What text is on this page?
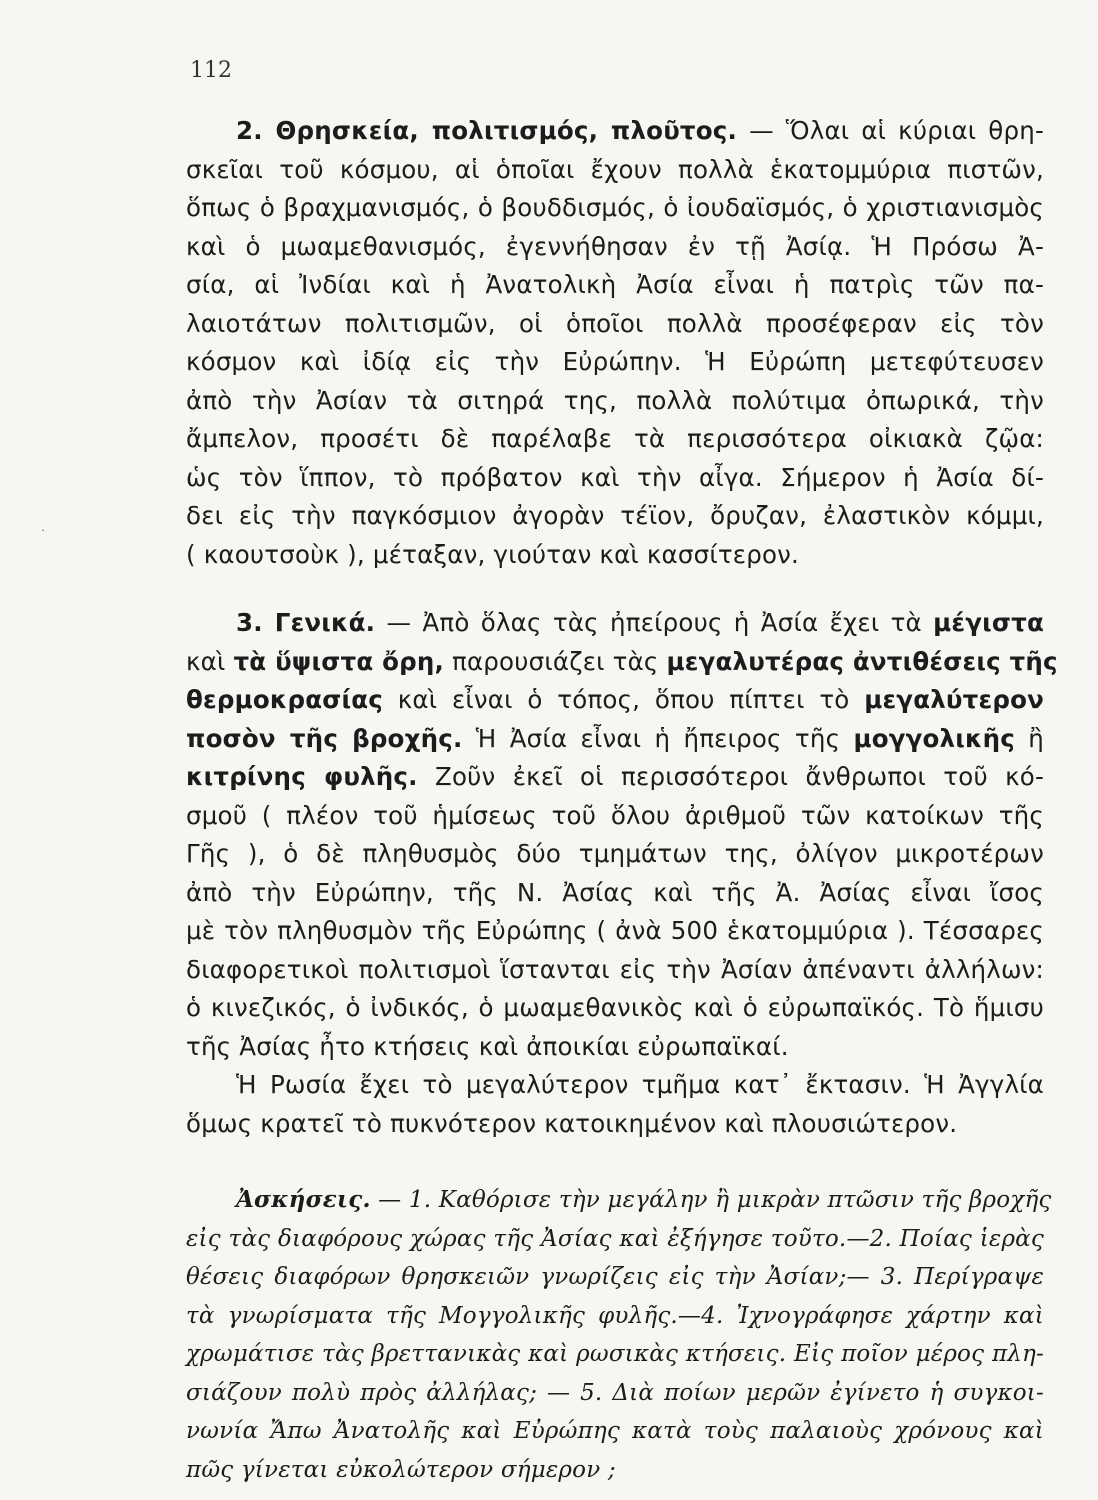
112
˙
2. Θρησκεία, πολιτισμός, πλοῦτος. — Ὅλαι αἱ κύριαι θρη-
σκεῖαι τοῦ κόσμου, αἱ ὁποῖαι ἔχουν πολλὰ ἑκατομμύρια πιστῶν,
ὅπως ὁ βραχμανισμός, ὁ βουδδισμός, ὁ ἰουδαϊσμός, ὁ χριστιανισμὸς
καὶ ὁ μωαμεθανισμός, ἐγεννήθησαν ἐν τῇ Ἀσίᾳ. Ἡ Πρόσω Ἀ-
σία, αἱ Ἰνδίαι καὶ ἡ Ἀνατολικὴ Ἀσία εἶναι ἡ πατρὶς τῶν πα-
λαιοτάτων πολιτισμῶν, οἱ ὁποῖοι πολλὰ προσέφεραν εἰς τὸν
κόσμον καὶ ἰδίᾳ εἰς τὴν Εὐρώπην. Ἡ Εὐρώπη μετεφύτευσεν
ἀπὸ τὴν Ἀσίαν τὰ σιτηρά της, πολλὰ πολύτιμα ὀπωρικά, τὴν
ἄμπελον, προσέτι δὲ παρέλαβε τὰ περισσότερα οἰκιακὰ ζῷα:
ὡς τὸν ἵππον, τὸ πρόβατον καὶ τὴν αἶγα. Σήμερον ἡ Ἀσία δί-
δει εἰς τὴν παγκόσμιον ἀγορὰν τέϊον, ὄρυζαν, ἐλαστικὸν κόμμι,
( καουτσοὺκ ), μέταξαν, γιούταν καὶ κασσίτερον.
3. Γενικά. — Ἀπὸ ὅλας τὰς ἠπείρους ἡ Ἀσία ἔχει τὰ μέγιστα
καὶ τὰ ὕψιστα ὄρη, παρουσιάζει τὰς μεγαλυτέρας ἀντιθέσεις τῆς
θερμοκρασίας καὶ εἶναι ὁ τόπος, ὅπου πίπτει τὸ μεγαλύτερον
ποσὸν τῆς βροχῆς. Ἡ Ἀσία εἶναι ἡ ἤπειρος τῆς μογγολικῆς ἢ
κιτρίνης φυλῆς. Ζοῦν ἐκεῖ οἱ περισσότεροι ἄνθρωποι τοῦ κό-
σμοῦ ( πλέον τοῦ ἡμίσεως τοῦ ὅλου ἀριθμοῦ τῶν κατοίκων τῆς
Γῆς ), ὁ δὲ πληθυσμὸς δύο τμημάτων της, ὀλίγον μικροτέρων
ἀπὸ τὴν Εὐρώπην, τῆς Ν. Ἀσίας καὶ τῆς Ἀ. Ἀσίας εἶναι ἴσος
μὲ τὸν πληθυσμὸν τῆς Εὐρώπης ( ἀνὰ 500 ἑκατομμύρια ). Τέσσαρες
διαφορετικοὶ πολιτισμοὶ ἵστανται εἰς τὴν Ἀσίαν ἀπέναντι ἀλλήλων:
ὁ κινεζικός, ὁ ἰνδικός, ὁ μωαμεθανικὸς καὶ ὁ εὐρωπαϊκός. Τὸ ἥμισυ
τῆς Ἀσίας ἦτο κτήσεις καὶ ἀποικίαι εὐρωπαϊκαί.
Ἡ Ρωσία ἔχει τὸ μεγαλύτερον τμῆμα κατ᾽ ἔκτασιν. Ἡ Ἀγγλία
ὅμως κρατεῖ τὸ πυκνότερον κατοικημένον καὶ πλουσιώτερον.
Ἀσκήσεις. — 1. Καθόρισε τὴν μεγάλην ἢ μικρὰν πτῶσιν τῆς βροχῆς
εἰς τὰς διαφόρους χώρας τῆς Ἀσίας καὶ ἐξήγησε τοῦτο.—2. Ποίας ἱερὰς
θέσεις διαφόρων θρησκειῶν γνωρίζεις εἰς τὴν Ἀσίαν;— 3. Περίγραψε
τὰ γνωρίσματα τῆς Μογγολικῆς φυλῆς.—4. Ἰχνογράφησε χάρτην καὶ
χρωμάτισε τὰς βρεττανικὰς καὶ ρωσικὰς κτήσεις. Εἰς ποῖον μέρος πλη-
σιάζουν πολὺ πρὸς ἀλλήλας; — 5. Διὰ ποίων μερῶν ἐγίνετο ἡ συγκοι-
νωνία Ἄπω Ἀνατολῆς καὶ Εὐρώπης κατὰ τοὺς παλαιοὺς χρόνους καὶ
πῶς γίνεται εὐκολώτερον σήμερον ;
